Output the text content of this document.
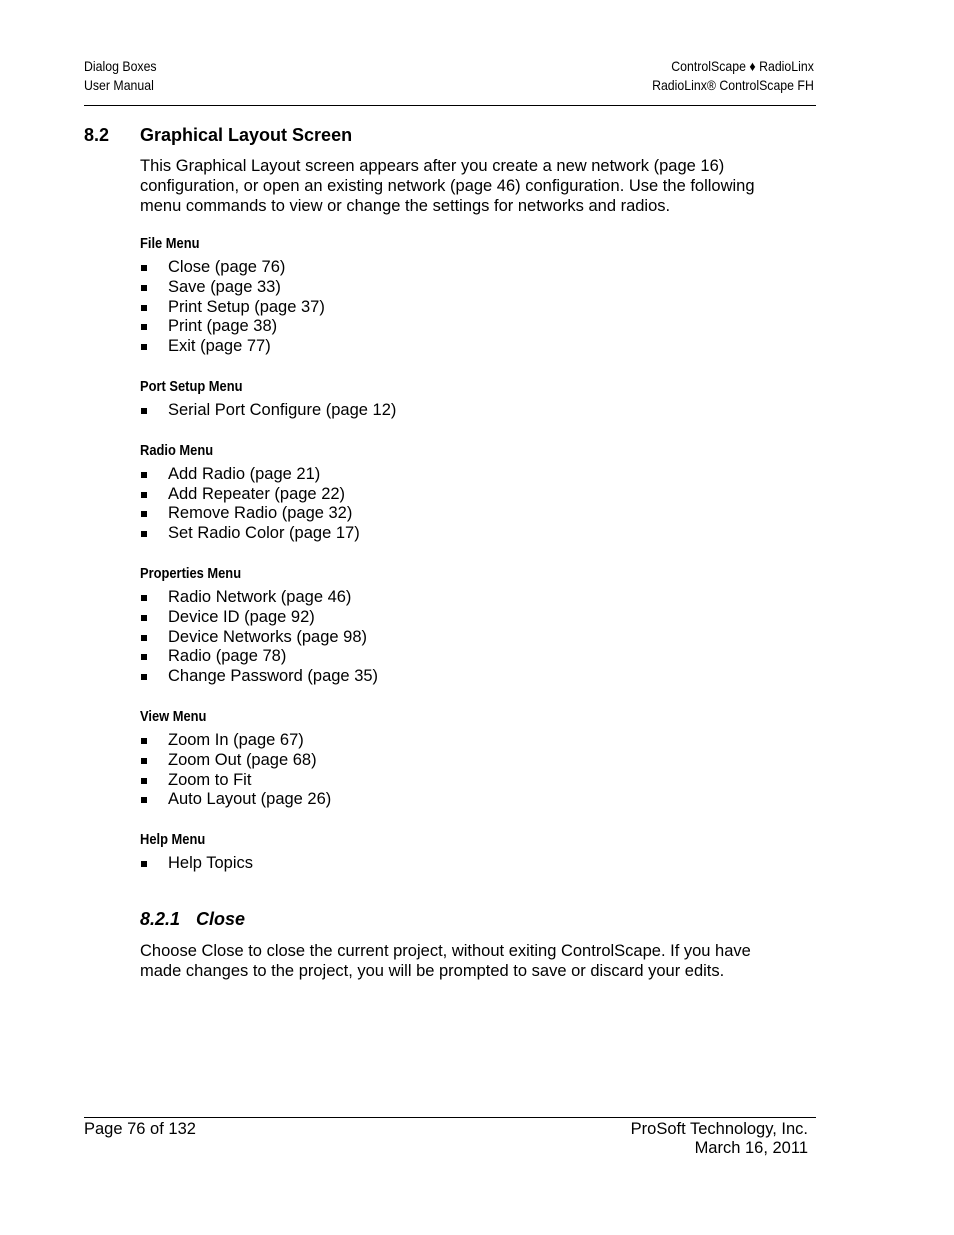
Dialog Boxes
User Manual
ControlScape ♦ RadioLinx
RadioLinx® ControlScape FH
8.2 Graphical Layout Screen

This Graphical Layout screen appears after you create a new network (page 16) configuration, or open an existing network (page 46) configuration. Use the following menu commands to view or change the settings for networks and radios.

File Menu
Close (page 76)
Save (page 33)
Print Setup (page 37)
Print (page 38)
Exit (page 77)
Port Setup Menu
Serial Port Configure (page 12)
Radio Menu
Add Radio (page 21)
Add Repeater (page 22)
Remove Radio (page 32)
Set Radio Color (page 17)
Properties Menu
Radio Network (page 46)
Device ID (page 92)
Device Networks (page 98)
Radio (page 78)
Change Password (page 35)
View Menu
Zoom In (page 67)
Zoom Out (page 68)
Zoom to Fit
Auto Layout (page 26)
Help Menu
Help Topics
8.2.1 Close

Choose Close to close the current project, without exiting ControlScape. If you have made changes to the project, you will be prompted to save or discard your edits.

Page 76 of 132	ProSoft Technology, Inc.
March 16, 2011
